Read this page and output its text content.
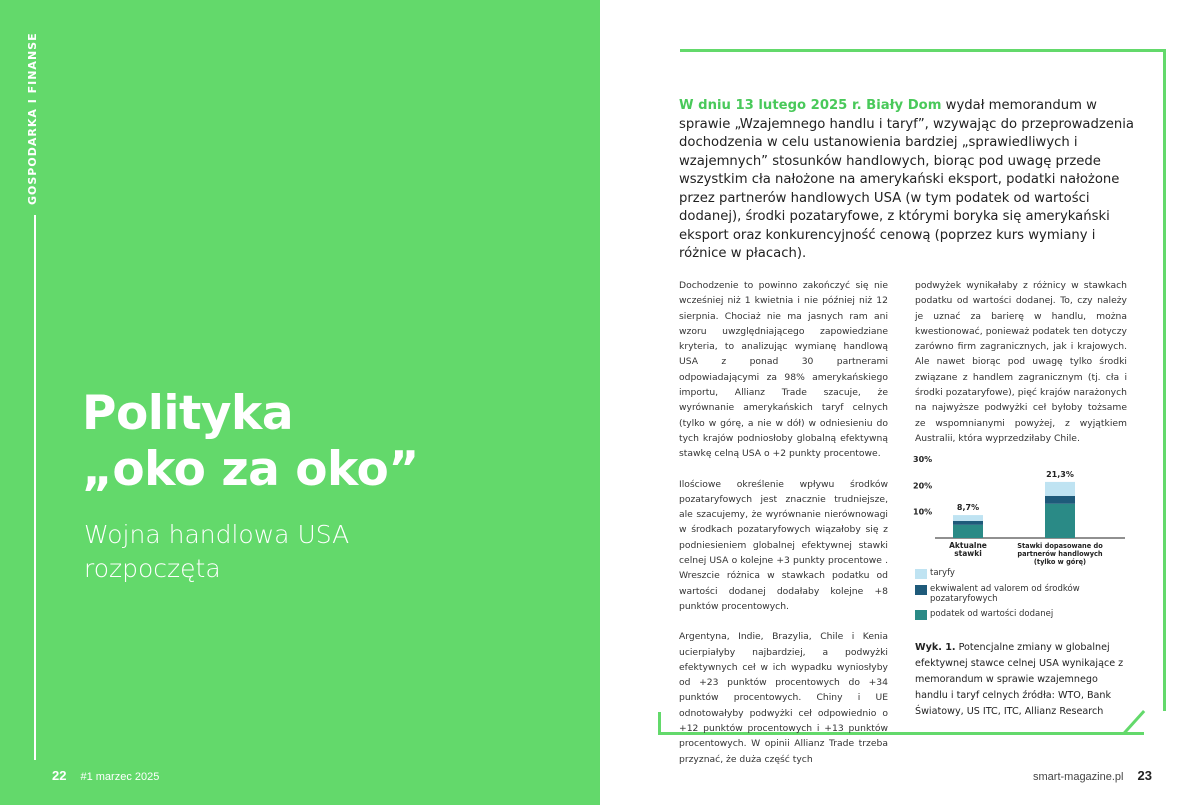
GOSPODARKA I FINANSE
Polityka
„oko za oko”
Wojna handlowa USA
rozpoczęta
22 #1 marzec 2025
W dniu 13 lutego 2025 r. Biały Dom wydał memorandum w sprawie „Wzajemnego handlu i taryf”, wzywając do przeprowadzenia dochodzenia w celu ustanowienia bardziej „sprawiedliwych i wzajemnych” stosunków handlowych, biorąc pod uwagę przede wszystkim cła nałożone na amerykański eksport, podatki nałożone przez partnerów handlowych USA (w tym podatek od wartości dodanej), środki pozataryfowe, z którymi boryka się amerykański eksport oraz konkurencyjność cenową (poprzez kurs wymiany i różnice w płacach).

Dochodzenie to powinno zakończyć się nie wcześniej niż 1 kwietnia i nie później niż 12 sierpnia. Chociaż nie ma jasnych ram ani wzoru uwzględniającego zapowiedziane kryteria, to analizując wymianę handlową USA z ponad 30 partnerami odpowiadającymi za 98% amerykańskiego importu, Allianz Trade szacuje, że wyrównanie amerykańskich taryf celnych (tylko w górę, a nie w dół) w odniesieniu do tych krajów podniosłoby globalną efektywną stawkę celną USA o +2 punkty procentowe.

Ilościowe określenie wpływu środków pozataryfowych jest znacznie trudniejsze, ale szacujemy, że wyrównanie nierównowagi w środkach pozataryfowych wiązałoby się z podniesieniem globalnej efektywnej stawki celnej USA o kolejne +3 punkty procentowe . Wreszcie różnica w stawkach podatku od wartości dodanej dodałaby kolejne +8 punktów procentowych.

Argentyna, Indie, Brazylia, Chile i Kenia ucierpiałyby najbardziej, a podwyżki efektywnych ceł w ich wypadku wyniosłyby od +23 punktów procentowych do +34 punktów procentowych. Chiny i UE odnotowałyby podwyżki ceł odpowiednio o +12 punktów procentowych i +13 punktów procentowych. W opinii Allianz Trade trzeba przyznać, że duża część tych

podwyżek wynikałaby z różnicy w stawkach podatku od wartości dodanej. To, czy należy je uznać za barierę w handlu, można kwestionować, ponieważ podatek ten dotyczy zarówno firm zagranicznych, jak i krajowych. Ale nawet biorąc pod uwagę tylko środki związane z handlem zagranicznym (tj. cła i środki pozataryfowe), pięć krajów narażonych na najwyższe podwyżki ceł byłoby tożsame ze wspomnianymi powyżej, z wyjątkiem Australii, która wyprzedziłaby Chile.

10%
20%
30%
8,7%
Aktualne
stawki
21,3%
Stawki dopasowane do
partnerów handlowych
(tylko w górę)
taryfy
ekwiwalent ad valorem od środków pozataryfowych
podatek od wartości dodanej
Wyk. 1. Potencjalne zmiany w globalnej efektywnej stawce celnej USA wynikające z memorandum w sprawie wzajemnego handlu i taryf celnych źródła: WTO, Bank Światowy, US ITC, ITC, Allianz Research
smart-magazine.pl 23
